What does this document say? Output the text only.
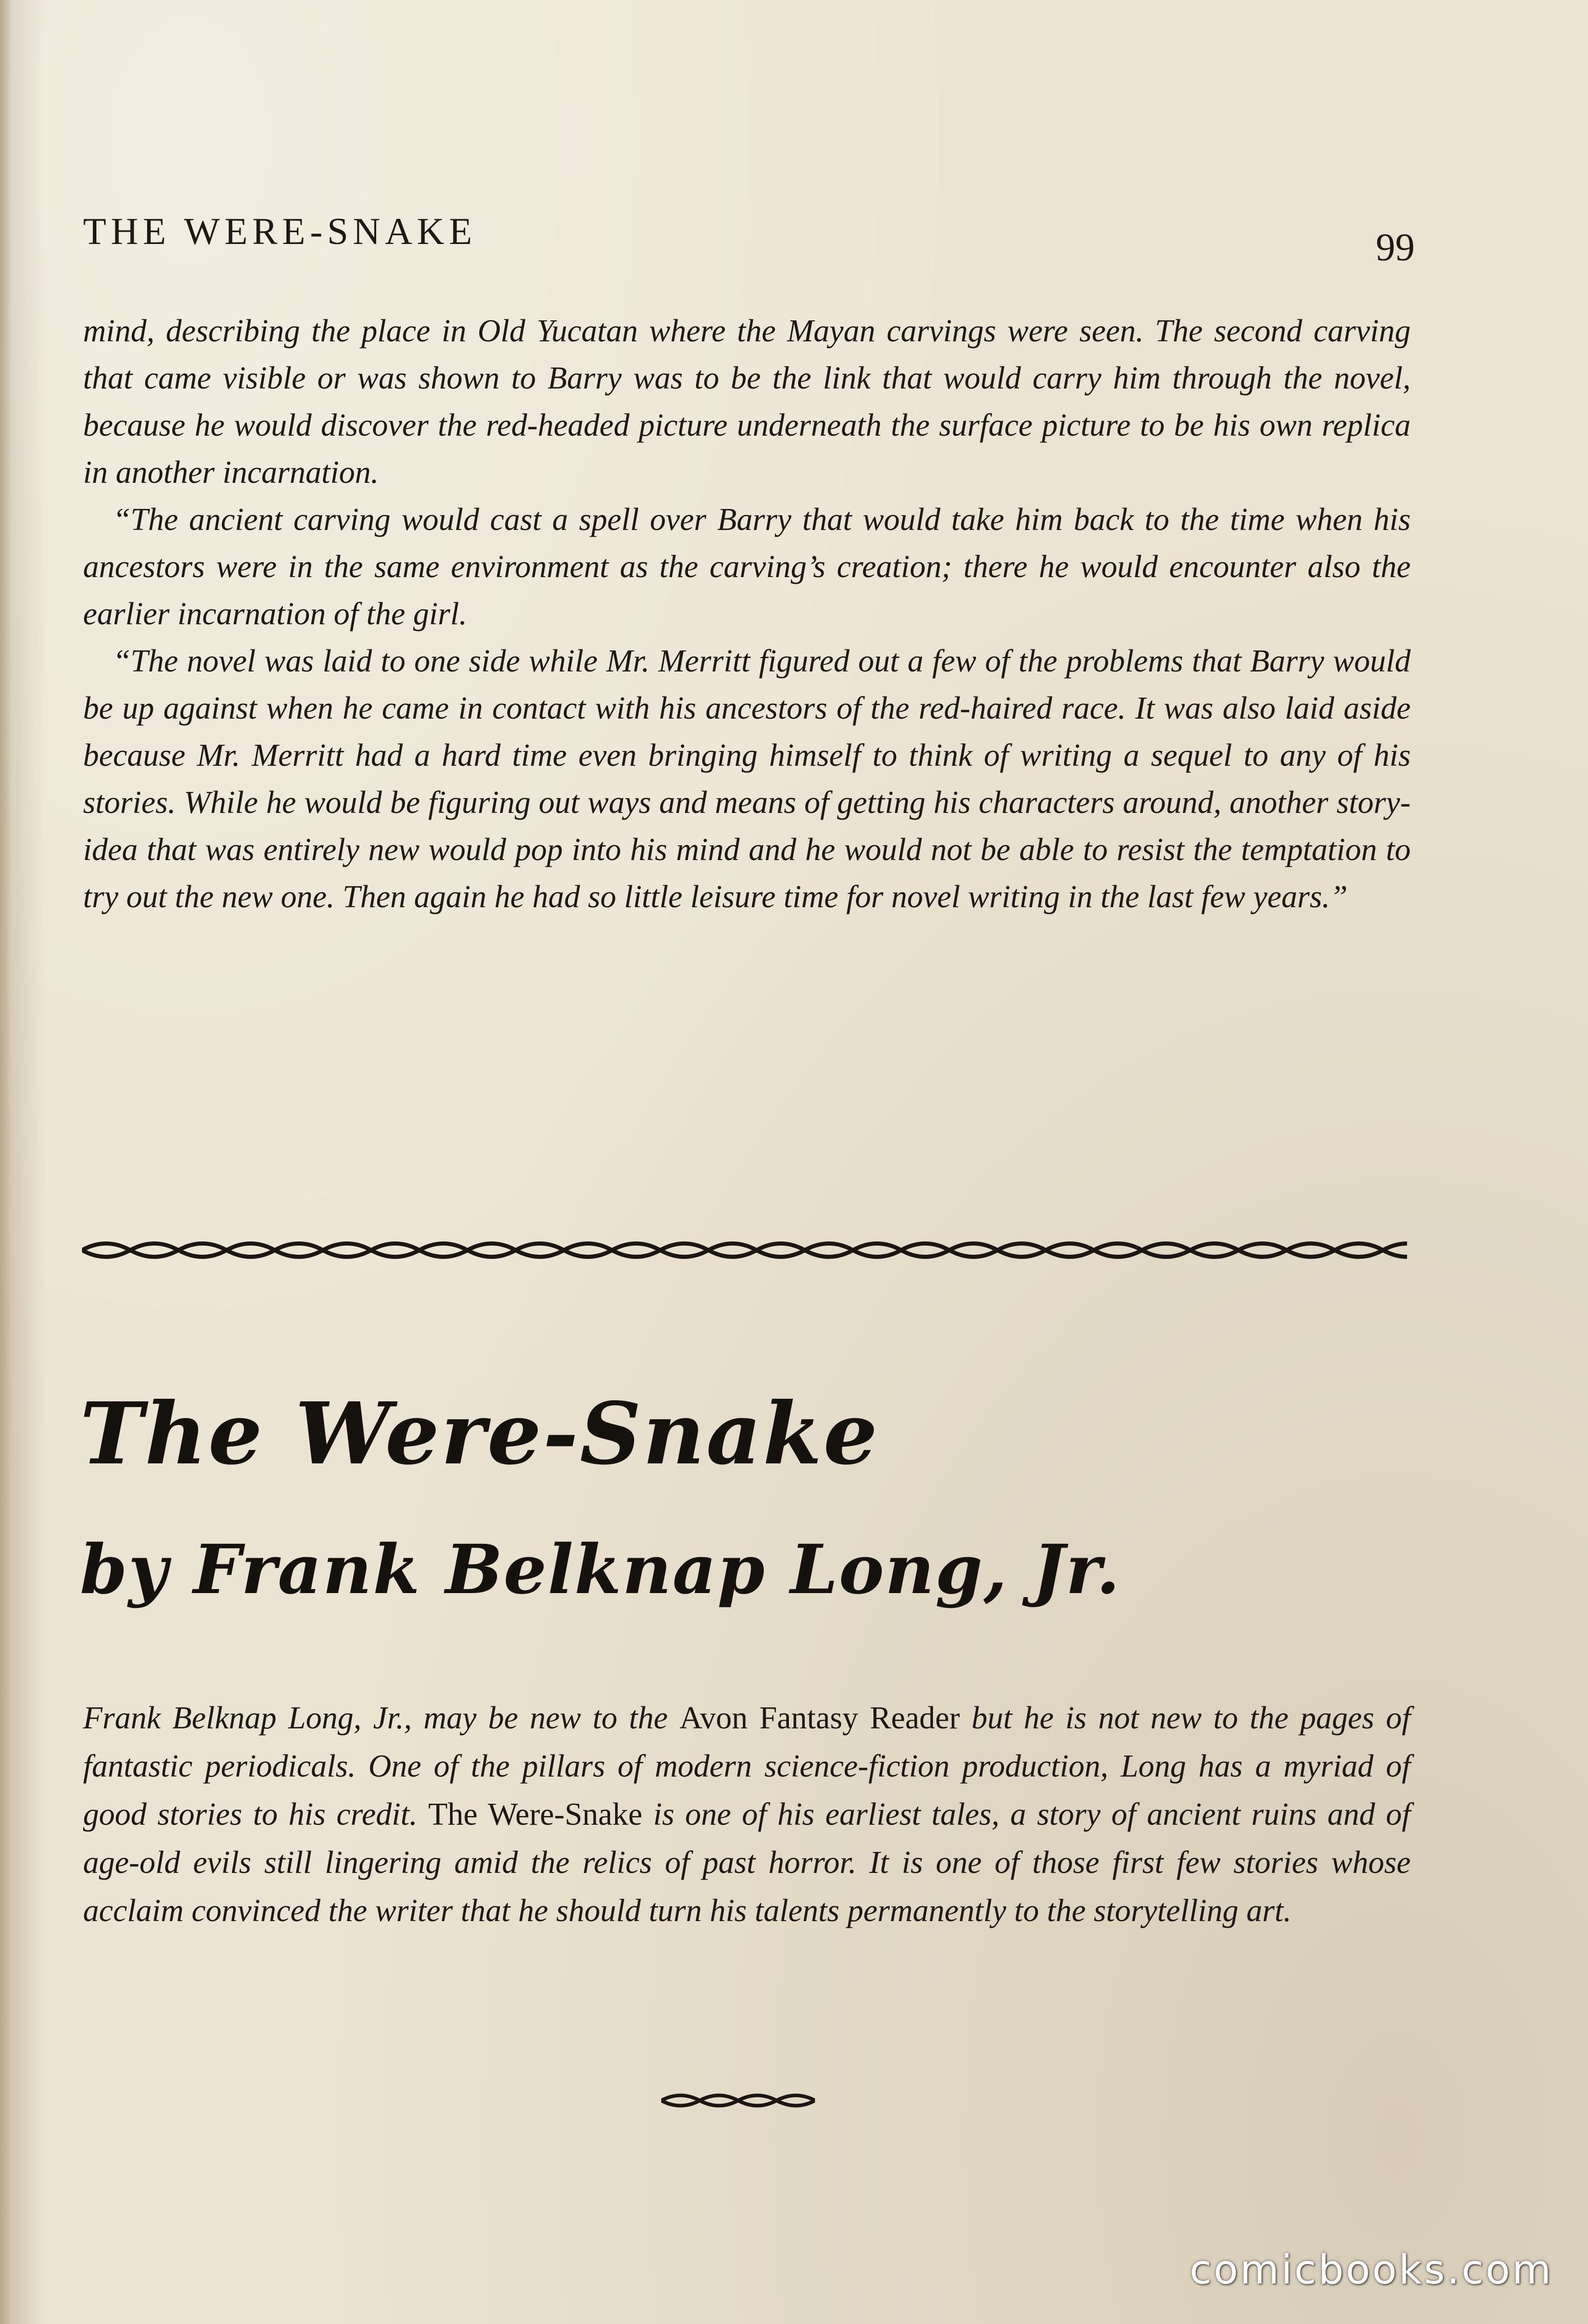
THE WERE-SNAKE	99

mind, describing the place in Old Yucatan where the Mayan carvings were seen. The second carving that came visible or was shown to Barry was to be the link that would carry him through the novel, because he would discover the red-headed picture underneath the surface picture to be his own replica in another incarnation.

“The ancient carving would cast a spell over Barry that would take him back to the time when his ancestors were in the same environment as the carving’s creation; there he would encounter also the earlier incarnation of the girl.

“The novel was laid to one side while Mr. Merritt figured out a few of the problems that Barry would be up against when he came in contact with his ancestors of the red-haired race. It was also laid aside because Mr. Merritt had a hard time even bringing himself to think of writing a sequel to any of his stories. While he would be figuring out ways and means of getting his characters around, another story-idea that was entirely new would pop into his mind and he would not be able to resist the temptation to try out the new one. Then again he had so little leisure time for novel writing in the last few years.”

The Were-Snake
by Frank Belknap Long, Jr.

Frank Belknap Long, Jr., may be new to the Avon Fantasy Reader but he is not new to the pages of fantastic periodicals. One of the pillars of modern science-fiction production, Long has a myriad of good stories to his credit. The Were-Snake is one of his earliest tales, a story of ancient ruins and of age-old evils still lingering amid the relics of past horror. It is one of those first few stories whose acclaim convinced the writer that he should turn his talents permanently to the storytelling art.

comicbooks.com
